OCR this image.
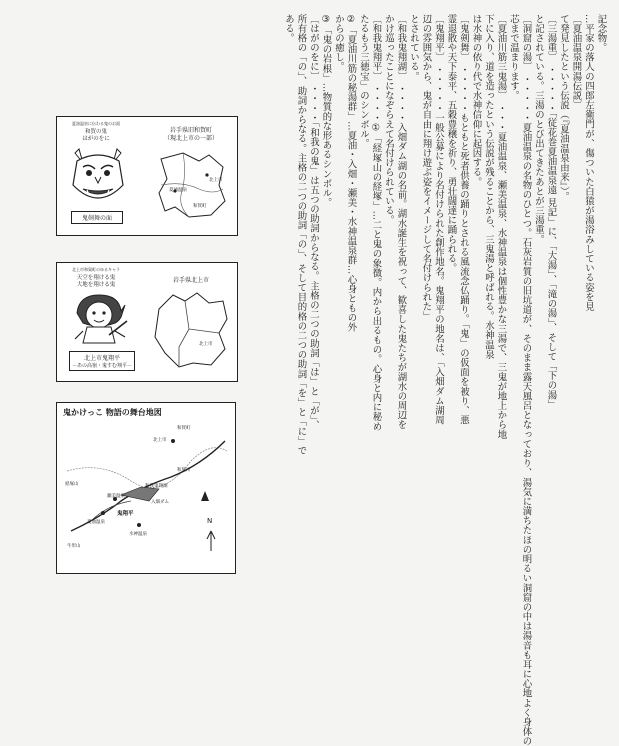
記念物。
…平家の落人の四郎左衛門が、傷ついた白猿が湯浴みしている姿を見
〔夏油温泉開湯伝説〕
て発見したという伝説（『夏油温泉由来』）。
〔三湯重〕 ・・・・・「従花巻夏油温泉遠 見記」に、「大湯」、「滝の湯」、そして「下の湯」
と記されている。三湯のとび出てきたあとが三湯重。
〔洞窟の湯〕 ・・・・・夏油温泉の名物のひとつ。石灰岩質の旧坑道が、そのまま露天風呂となっており、湯気に満ちたほの明るい洞窟の中は湯音も耳に心地よく身体の
芯まで温まります。
〔夏油川筋三鬼湯〕 ・・・夏油温泉、瀬美温泉、水神温泉は個性豊かな三湯で、三鬼が地上から地
下に入り、道を造ったという伝説が残ることから、三鬼湯と呼ばれる。水神温泉
は水神の依り代で水神信仰に起因する。
〔鬼剣舞〕 ・・・・・もともと死者供養の踊りとされる風流念仏踊り。「鬼」の仮面を被り、悪
霊退散や天下泰平、五穀豊穣を祈り、勇壮闊達に踊られる。
〔鬼翔平〕 ・・・・・一般公募により名付けられた創作地名。鬼翔平の地名は、「入畑ダム湖周
辺の雰囲気から、鬼が自由に翔け遊ぶ姿をイメージして名付けられた」
とされている。
〔和我鬼翔湖〕 ・・・・入畑ダム湖の名前。湖水誕生を祝って、歓喜した鬼たちが湖水の周辺を
かけ巡ったことになぞらえて名付けられている。
〔和我鬼翔平〕 ・・・・①「経塚山の経塚」…二と鬼の象徴。内から出るもの。心身と内に秘め
たるもう三徳宝」のシンボル。
②「夏油川筋の秘湯群」…夏油・入畑・瀬美・水神温泉群…心身ともの外
からの癒し。
③「鬼の岩根」…物質的な形あるシンボル。
〔はがのをに〕 ・・・・「和我の鬼」は五つの助詞からなる。主格の二つの助詞「は」と「が」、
所有格の「の」、助詞からなる。主格の二つの助詞「の」、そして目的格の二つの助詞「を」と「に」で
ある。
夏油温泉に伝わる鬼のお面
和賀の鬼
はがのをに
鬼剣舞の面
岩手県旧和賀町
（現北上市の一部）
夏油温泉
和賀町
北上市
北上市和賀町のゆるキャラ
天空を翔ける鬼
大地を翔ける鬼
北上市鬼翔平
－あの高嶺・鬼すむ翔平－
岩手県北上市
北上市
鬼かけっこ 物語の舞台地図
北上市
鬼翔平
入畑ダム
夏油温泉
瀬美温泉
水神温泉
経塚山
和賀川
和我鬼翔湖
牛形山
和賀町
N
